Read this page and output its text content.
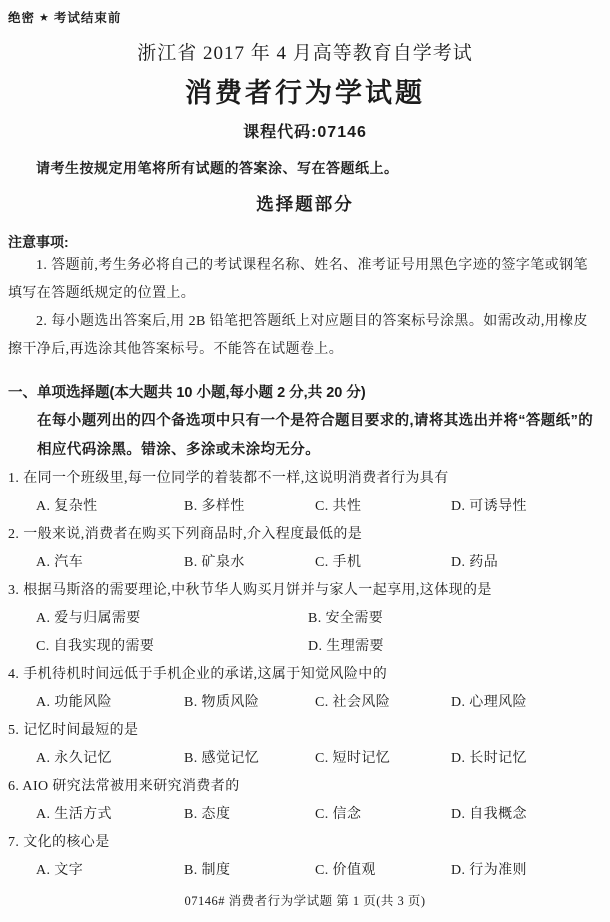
绝密 ★ 考试结束前
浙江省 2017 年 4 月高等教育自学考试
消费者行为学试题
课程代码:07146
请考生按规定用笔将所有试题的答案涂、写在答题纸上。
选择题部分
注意事项:

1. 答题前,考生务必将自己的考试课程名称、姓名、准考证号用黑色字迹的签字笔或钢笔填写在答题纸规定的位置上。

2. 每小题选出答案后,用 2B 铅笔把答题纸上对应题目的答案标号涂黑。如需改动,用橡皮擦干净后,再选涂其他答案标号。不能答在试题卷上。

一、单项选择题(本大题共 10 小题,每小题 2 分,共 20 分)
在每小题列出的四个备选项中只有一个是符合题目要求的,请将其选出并将“答题纸”的相应代码涂黑。错涂、多涂或未涂均无分。
1. 在同一个班级里,每一位同学的着装都不一样,这说明消费者行为具有
A. 复杂性	B. 多样性	C. 共性	D. 可诱导性
2. 一般来说,消费者在购买下列商品时,介入程度最低的是
A. 汽车	B. 矿泉水	C. 手机	D. 药品
3. 根据马斯洛的需要理论,中秋节华人购买月饼并与家人一起享用,这体现的是
A. 爱与归属需要	B. 安全需要
C. 自我实现的需要	D. 生理需要
4. 手机待机时间远低于手机企业的承诺,这属于知觉风险中的
A. 功能风险	B. 物质风险	C. 社会风险	D. 心理风险
5. 记忆时间最短的是
A. 永久记忆	B. 感觉记忆	C. 短时记忆	D. 长时记忆
6. AIO 研究法常被用来研究消费者的
A. 生活方式	B. 态度	C. 信念	D. 自我概念
7. 文化的核心是
A. 文字	B. 制度	C. 价值观	D. 行为准则
07146# 消费者行为学试题 第 1 页(共 3 页)
